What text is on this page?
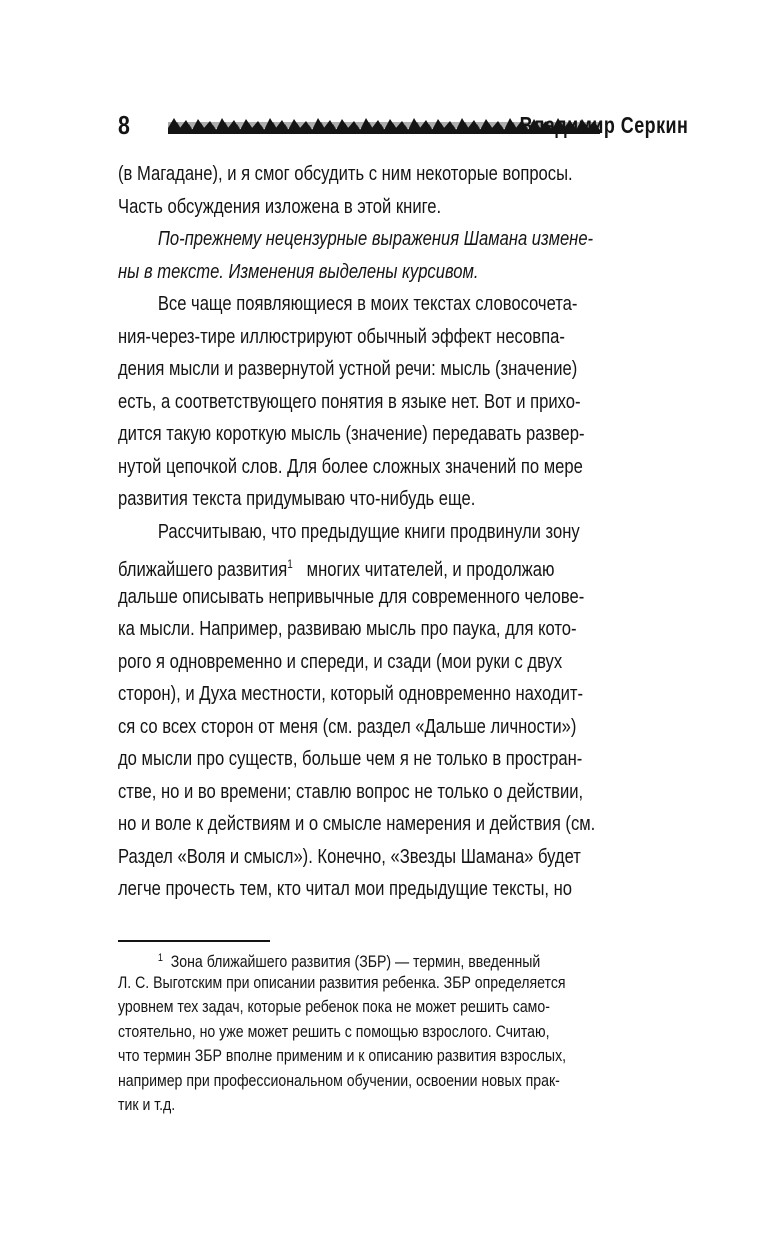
8	Владимир Серкин
(в Магадане), и я смог обсудить с ним некоторые вопросы.
Часть обсуждения изложена в этой книге.
По-прежнему нецензурные выражения Шамана измене-
ны в тексте. Изменения выделены курсивом.
Все чаще появляющиеся в моих текстах словосочета-
ния-через-тире иллюстрируют обычный эффект несовпа-
дения мысли и развернутой устной речи: мысль (значение)
есть, а соответствующего понятия в языке нет. Вот и прихо-
дится такую короткую мысль (значение) передавать развер-
нутой цепочкой слов. Для более сложных значений по мере
развития текста придумываю что-нибудь еще.
Рассчитываю, что предыдущие книги продвинули зону
ближайшего развития$^1$ многих читателей, и продолжаю
дальше описывать непривычные для современного челове-
ка мысли. Например, развиваю мысль про паука, для кото-
рого я одновременно и спереди, и сзади (мои руки с двух
сторон), и Духа местности, который одновременно находит-
ся со всех сторон от меня (см. раздел «Дальше личности»)
до мысли про существ, больше чем я не только в простран-
стве, но и во времени; ставлю вопрос не только о действии,
но и воле к действиям и о смысле намерения и действия (см.
Раздел «Воля и смысл»). Конечно, «Звезды Шамана» будет
легче прочесть тем, кто читал мои предыдущие тексты, но
$^1$ Зона ближайшего развития (ЗБР) — термин, введенный
Л. С. Выготским при описании развития ребенка. ЗБР определяется
уровнем тех задач, которые ребенок пока не может решить само-
стоятельно, но уже может решить с помощью взрослого. Считаю,
что термин ЗБР вполне применим и к описанию развития взрослых,
например при профессиональном обучении, освоении новых прак-
тик и т.д.
